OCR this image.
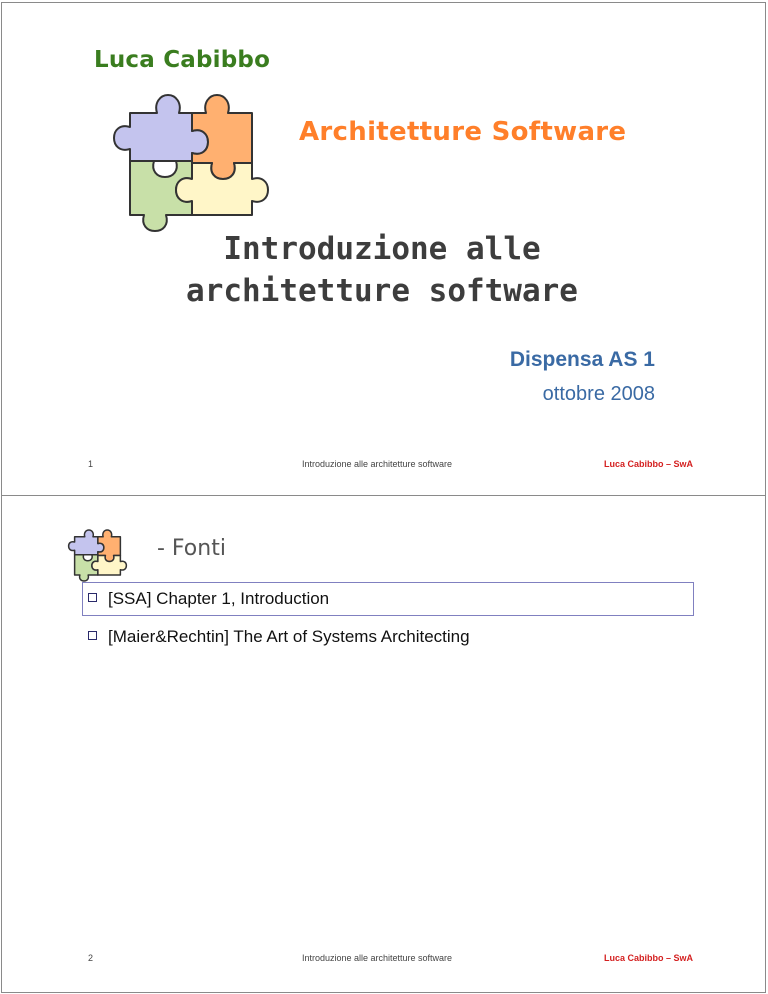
Luca Cabibbo
Architetture Software
Introduzione alle
architetture software
Dispensa AS 1
ottobre 2008
1	Introduzione alle architetture software	Luca Cabibbo – SwA
- Fonti
[SSA] Chapter 1, Introduction
[Maier&Rechtin] The Art of Systems Architecting
2	Introduzione alle architetture software	Luca Cabibbo – SwA
